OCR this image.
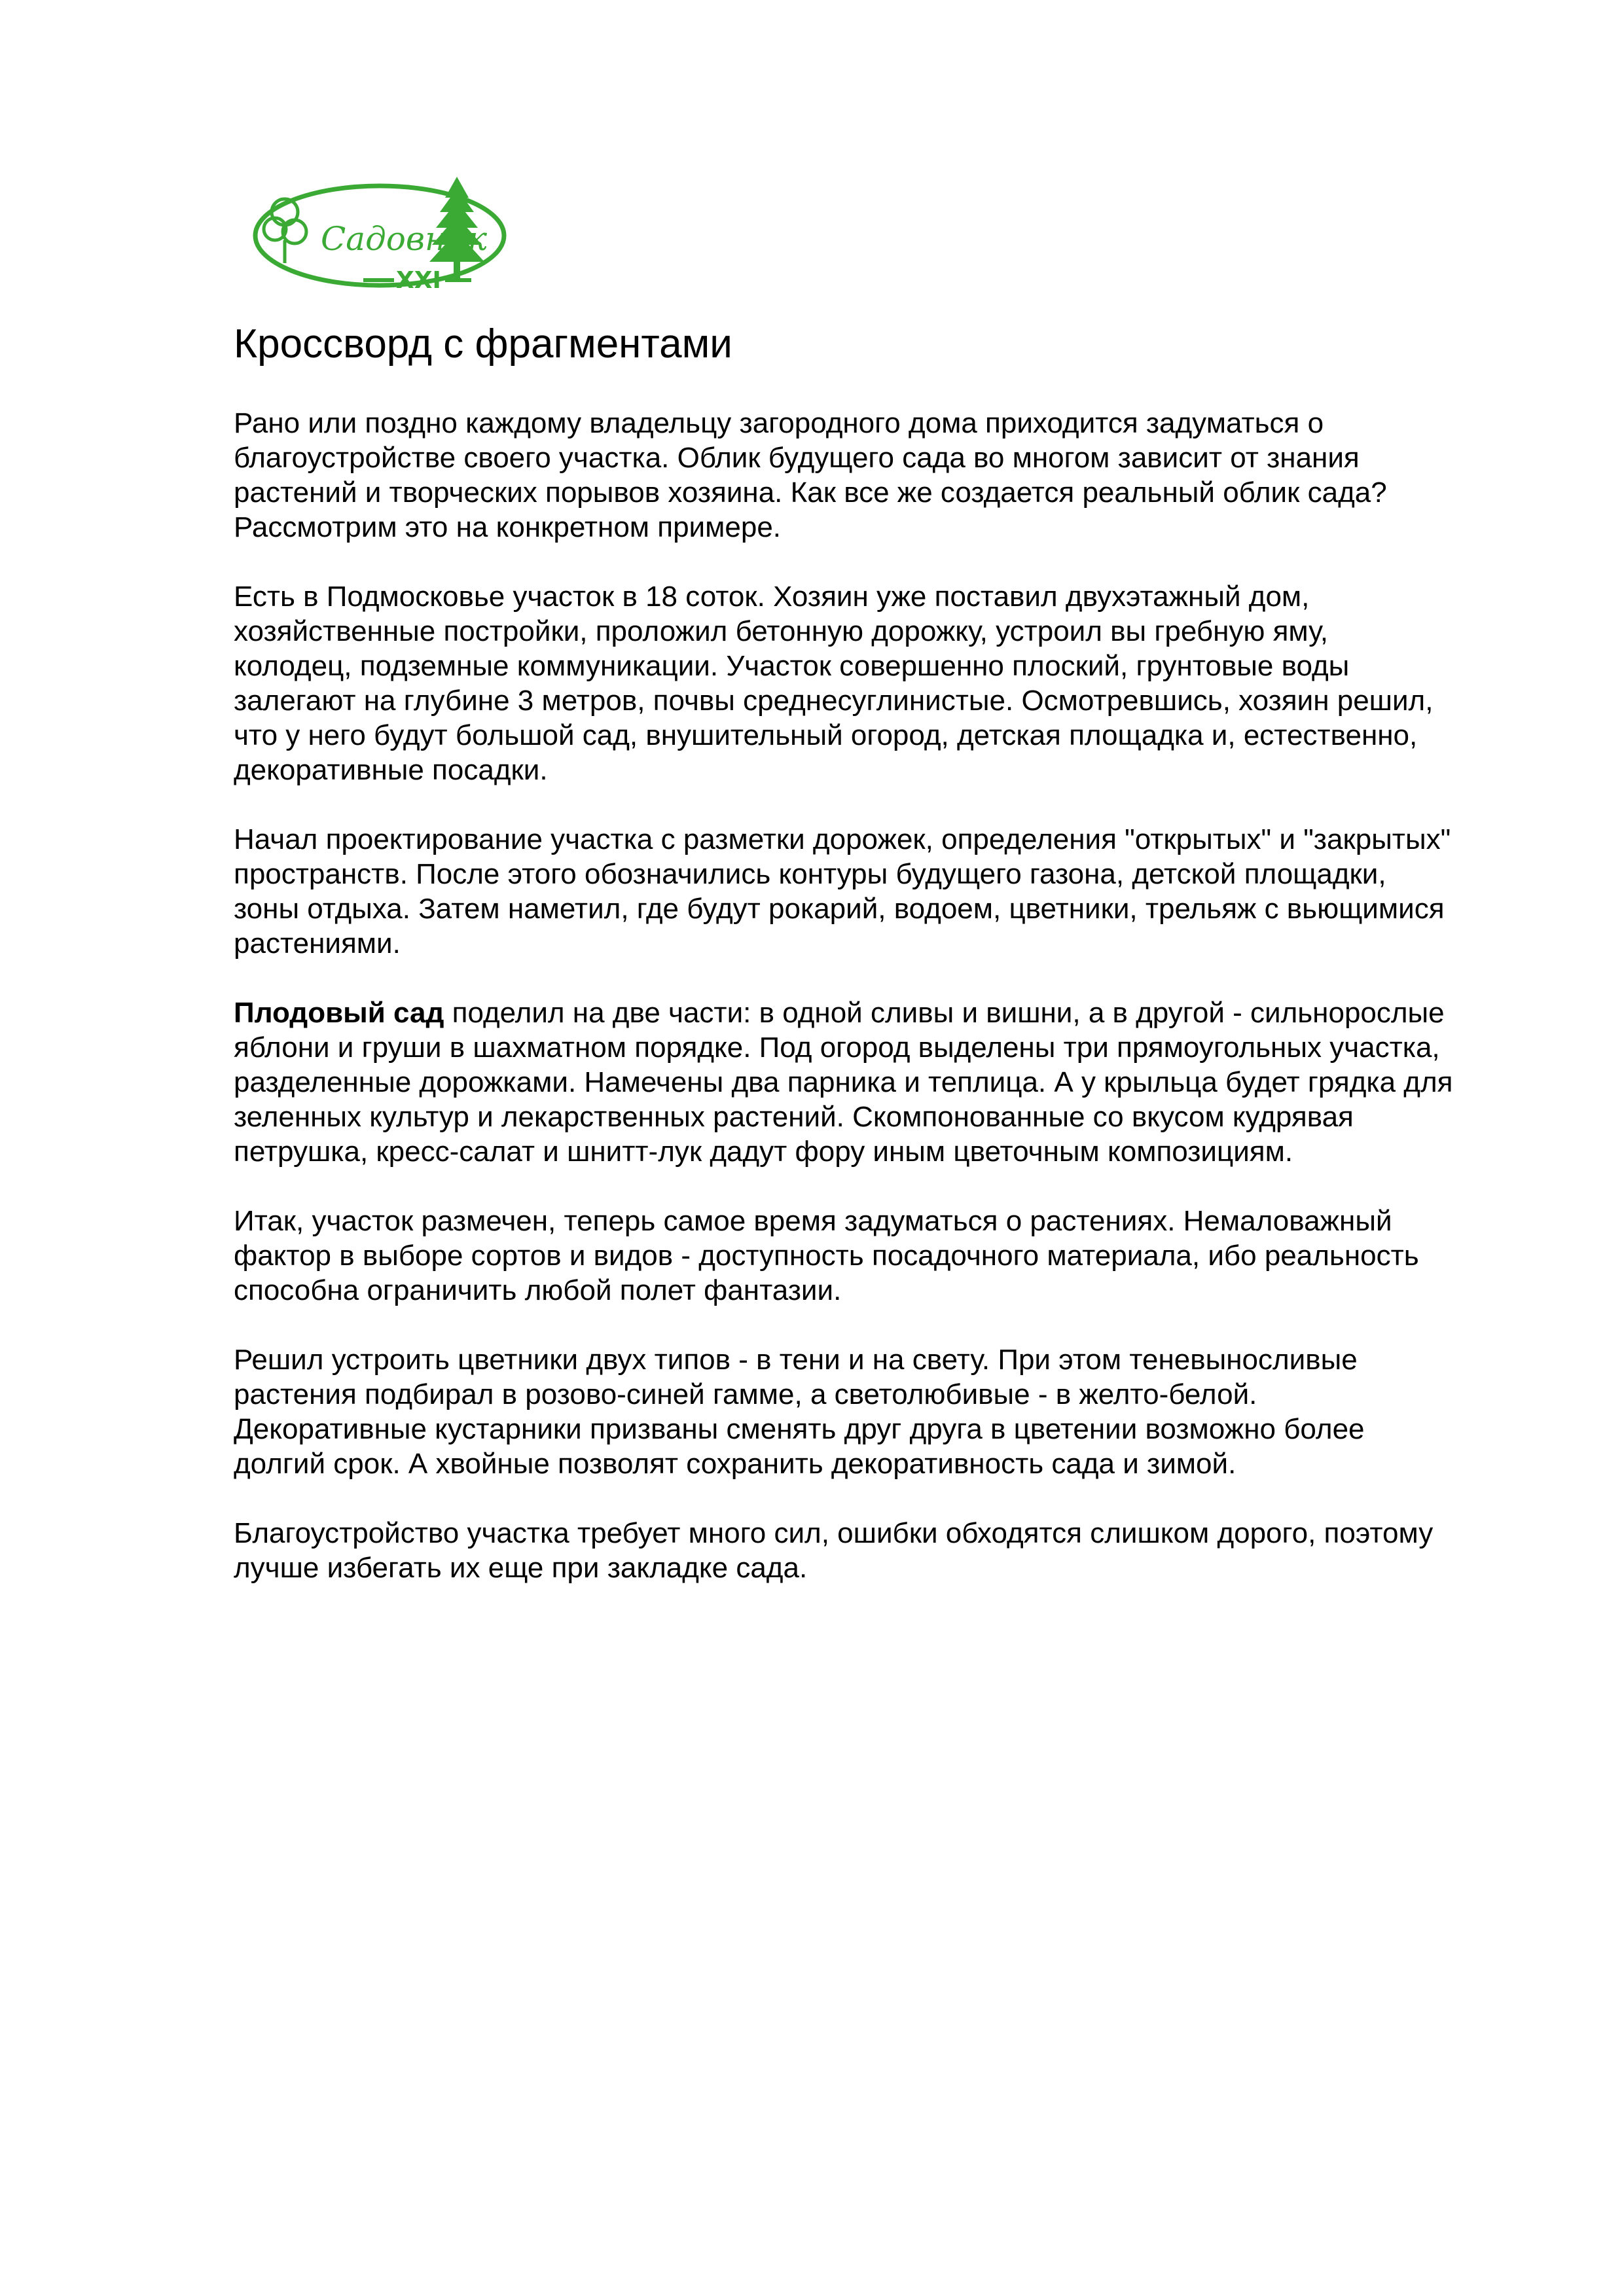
Садовник
XXI
Кроссворд с фрагментами

Рано или поздно каждому владельцу загородного дома приходится задуматься о
благоустройстве своего участка. Облик будущего сада во многом зависит от знания
растений и творческих порывов хозяина. Как все же создается реальный облик сада?
Рассмотрим это на конкретном примере.

Есть в Подмосковье участок в 18 соток. Хозяин уже поставил двухэтажный дом,
хозяйственные постройки, проложил бетонную дорожку, устроил вы гребную яму,
колодец, подземные коммуникации. Участок совершенно плоский, грунтовые воды
залегают на глубине 3 метров, почвы среднесуглинистые. Осмотревшись, хозяин решил,
что у него будут большой сад, внушительный огород, детская площадка и, естественно,
декоративные посадки.

Начал проектирование участка с разметки дорожек, определения "открытых" и "закрытых"
пространств. После этого обозначились контуры будущего газона, детской площадки,
зоны отдыха. Затем наметил, где будут рокарий, водоем, цветники, трельяж с вьющимися
растениями.

Плодовый сад поделил на две части: в одной сливы и вишни, а в другой - сильнорослые
яблони и груши в шахматном порядке. Под огород выделены три прямоугольных участка,
разделенные дорожками. Намечены два парника и теплица. А у крыльца будет грядка для
зеленных культур и лекарственных растений. Скомпонованные со вкусом кудрявая
петрушка, кресс-салат и шнитт-лук дадут фору иным цветочным композициям.

Итак, участок размечен, теперь самое время задуматься о растениях. Немаловажный
фактор в выборе сортов и видов - доступность посадочного материала, ибо реальность
способна ограничить любой полет фантазии.

Решил устроить цветники двух типов - в тени и на свету. При этом теневыносливые
растения подбирал в розово-синей гамме, а светолюбивые - в желто-белой.
Декоративные кустарники призваны сменять друг друга в цветении возможно более
долгий срок. А хвойные позволят сохранить декоративность сада и зимой.

Благоустройство участка требует много сил, ошибки обходятся слишком дорого, поэтому
лучше избегать их еще при закладке сада.
